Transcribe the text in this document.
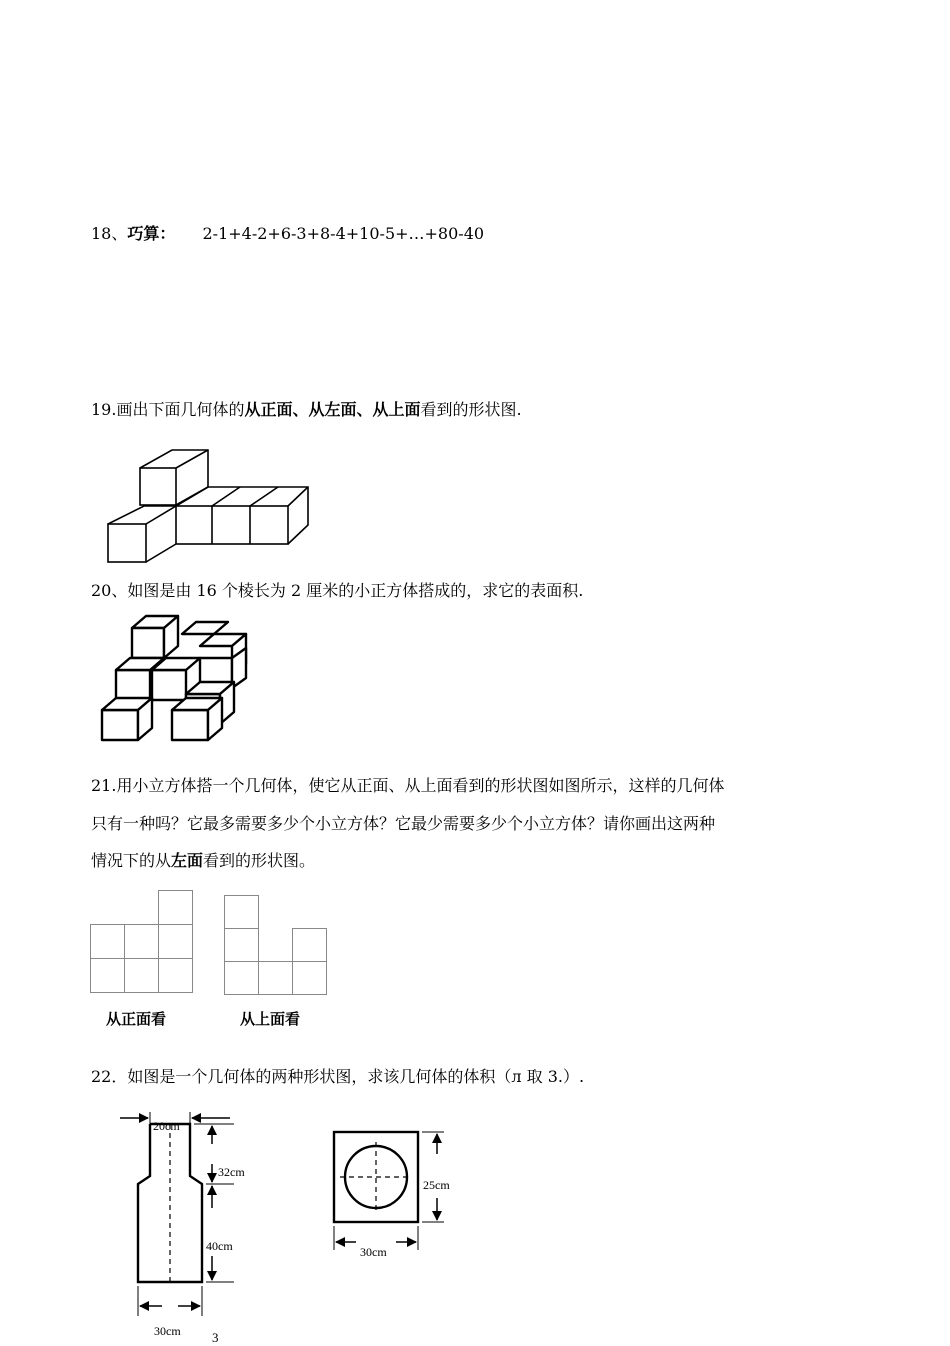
18、巧算： 2-1+4-2+6-3+8-4+10-5+…+80-40
19.画出下面几何体的从正面、从左面、从上面看到的形状图.
20、如图是由 16 个棱长为 2 厘米的小正方体搭成的，求它的表面积.
21.用小立方体搭一个几何体，使它从正面、从上面看到的形状图如图所示，这样的几何体
只有一种吗？它最多需要多少个小立方体？它最少需要多少个小立方体？请你画出这两种
情况下的从左面看到的形状图。
从正面看	从上面看
22．如图是一个几何体的两种形状图，求该几何体的体积（л 取 3.）.
20cm
32cm
40cm
30cm
25cm
30cm
3
